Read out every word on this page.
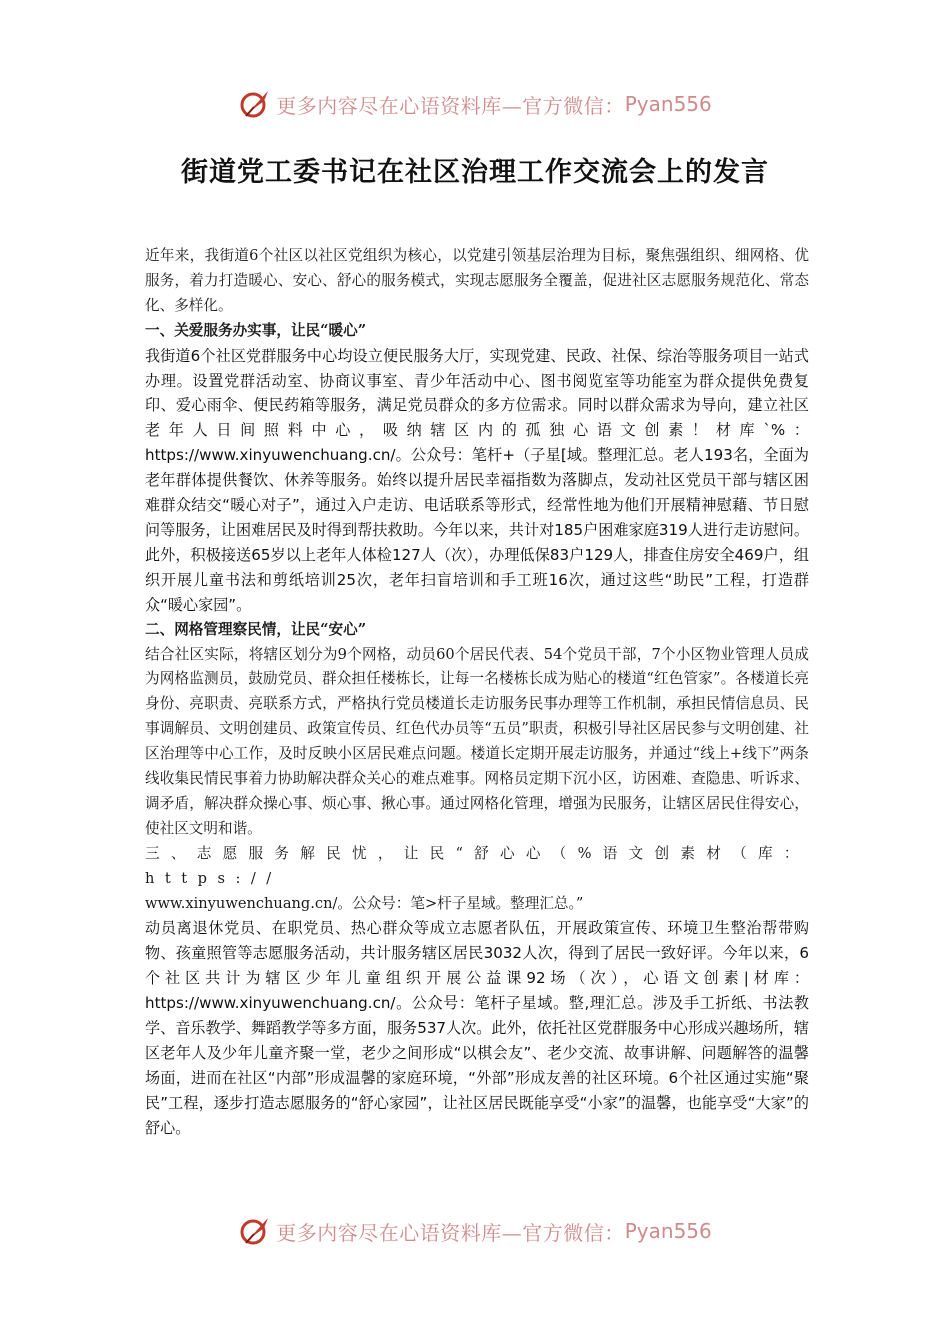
更多内容尽在心语资料库—官方微信： Pyan556
街道党工委书记在社区治理工作交流会上的发言

近年来，我街道6个社区以社区党组织为核心，以党建引领基层治理为目标，聚焦强组织、细网格、优服务，着力打造暖心、安心、舒心的服务模式，实现志愿服务全覆盖，促进社区志愿服务规范化、常态化、多样化。

一、关爱服务办实事，让民“暖心”

我街道6个社区党群服务中心均设立便民服务大厅，实现党建、民政、社保、综治等服务项目一站式办理。设置党群活动室、协商议事室、青少年活动中心、图书阅览室等功能室为群众提供免费复印、爱心雨伞、便民药箱等服务，满足党员群众的多方位需求。同时以群众需求为导向，建立社区老年人日间照料中心，吸纳辖区内的孤独心语文创素！材库`%：https://www.xinyuwenchuang.cn/。公众号：笔杆+（子星[域。整理汇总。老人193名，全面为老年群体提供餐饮、休养等服务。始终以提升居民幸福指数为落脚点，发动社区党员干部与辖区困难群众结交“暖心对子”，通过入户走访、电话联系等形式，经常性地为他们开展精神慰藉、节日慰问等服务，让困难居民及时得到帮扶救助。今年以来，共计对185户困难家庭319人进行走访慰问。此外，积极接送65岁以上老年人体检127人（次），办理低保83户129人，排查住房安全469户，组织开展儿童书法和剪纸培训25次，老年扫盲培训和手工班16次，通过这些“助民”工程，打造群众“暖心家园”。

二、网格管理察民情，让民“安心”

结合社区实际，将辖区划分为9个网格，动员60个居民代表、54个党员干部，7个小区物业管理人员成为网格监测员，鼓励党员、群众担任楼栋长，让每一名楼栋长成为贴心的楼道“红色管家”。各楼道长亮身份、亮职责、亮联系方式，严格执行党员楼道长走访服务民事办理等工作机制，承担民情信息员、民事调解员、文明创建员、政策宣传员、红色代办员等“五员”职责，积极引导社区居民参与文明创建、社区治理等中心工作，及时反映小区居民难点问题。楼道长定期开展走访服务，并通过“线上+线下”两条线收集民情民事着力协助解决群众关心的难点难事。网格员定期下沉小区，访困难、查隐患、听诉求、调矛盾，解决群众操心事、烦心事、揪心事。通过网格化管理，增强为民服务，让辖区居民住得安心，使社区文明和谐。

三、志愿服务解民忧，让民“舒心心（%语文创素材（库：https://
www.xinyuwenchuang.cn/。公众号：笔>杆子星域。整理汇总。”

动员离退休党员、在职党员、热心群众等成立志愿者队伍，开展政策宣传、环境卫生整治帮带购物、孩童照管等志愿服务活动，共计服务辖区居民3032人次，得到了居民一致好评。今年以来，6个社区共计为辖区少年儿童组织开展公益课92场（次），心语文创素|材库：https://www.xinyuwenchuang.cn/。公众号：笔杆子星域。整,理汇总。涉及手工折纸、书法教学、音乐教学、舞蹈教学等多方面，服务537人次。此外，依托社区党群服务中心形成兴趣场所，辖区老年人及少年儿童齐聚一堂，老少之间形成“以棋会友”、老少交流、故事讲解、问题解答的温馨场面，进而在社区“内部”形成温馨的家庭环境，“外部”形成友善的社区环境。6个社区通过实施“聚民”工程，逐步打造志愿服务的“舒心家园”，让社区居民既能享受“小家”的温馨，也能享受“大家”的舒心。

更多内容尽在心语资料库—官方微信： Pyan556
